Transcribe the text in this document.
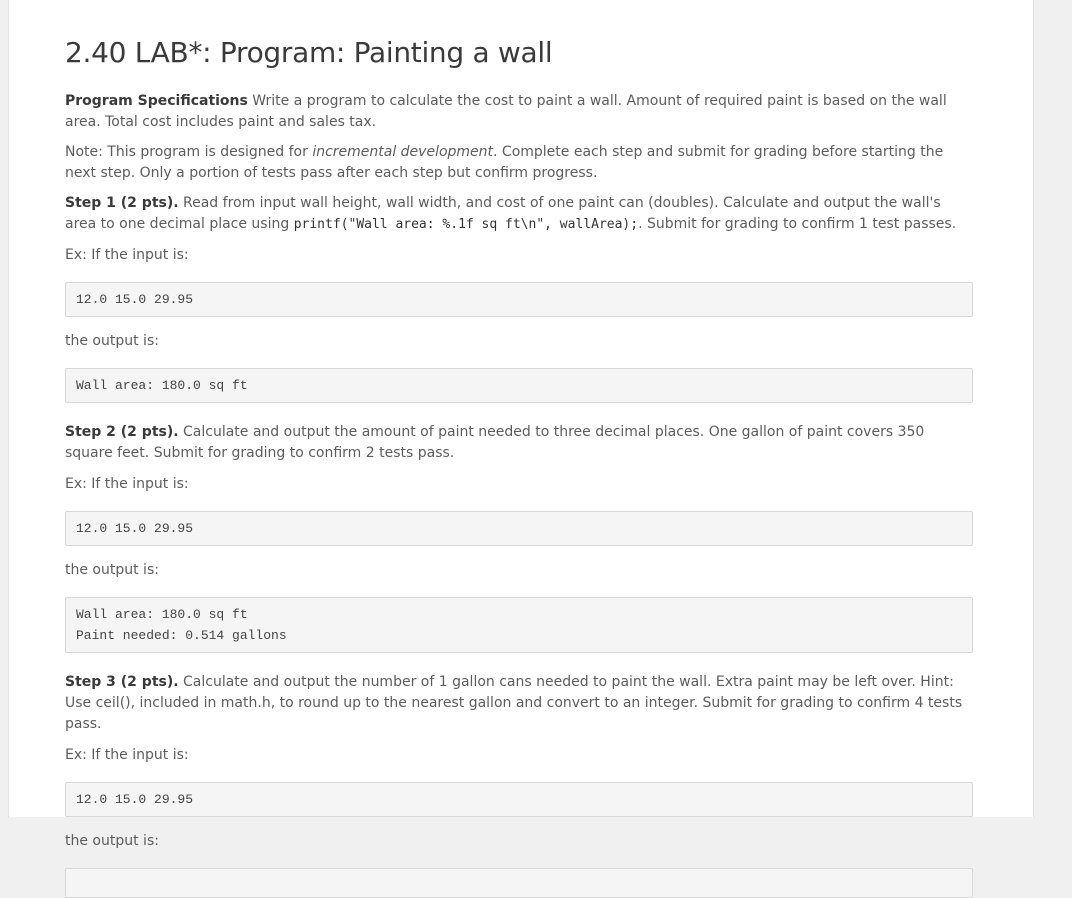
2.40 LAB*: Program: Painting a wall

Program Specifications Write a program to calculate the cost to paint a wall. Amount of required paint is based on the wall area. Total cost includes paint and sales tax.

Note: This program is designed for incremental development. Complete each step and submit for grading before starting the next step. Only a portion of tests pass after each step but confirm progress.

Step 1 (2 pts). Read from input wall height, wall width, and cost of one paint can (doubles). Calculate and output the wall's area to one decimal place using printf("Wall area: %.1f sq ft\n", wallArea);. Submit for grading to confirm 1 test passes.

Ex: If the input is:

12.0 15.0 29.95

the output is:

Wall area: 180.0 sq ft

Step 2 (2 pts). Calculate and output the amount of paint needed to three decimal places. One gallon of paint covers 350 square feet. Submit for grading to confirm 2 tests pass.

Ex: If the input is:

12.0 15.0 29.95

the output is:

Wall area: 180.0 sq ft
Paint needed: 0.514 gallons

Step 3 (2 pts). Calculate and output the number of 1 gallon cans needed to paint the wall. Extra paint may be left over. Hint: Use ceil(), included in math.h, to round up to the nearest gallon and convert to an integer. Submit for grading to confirm 4 tests pass.

Ex: If the input is:

12.0 15.0 29.95

the output is:
